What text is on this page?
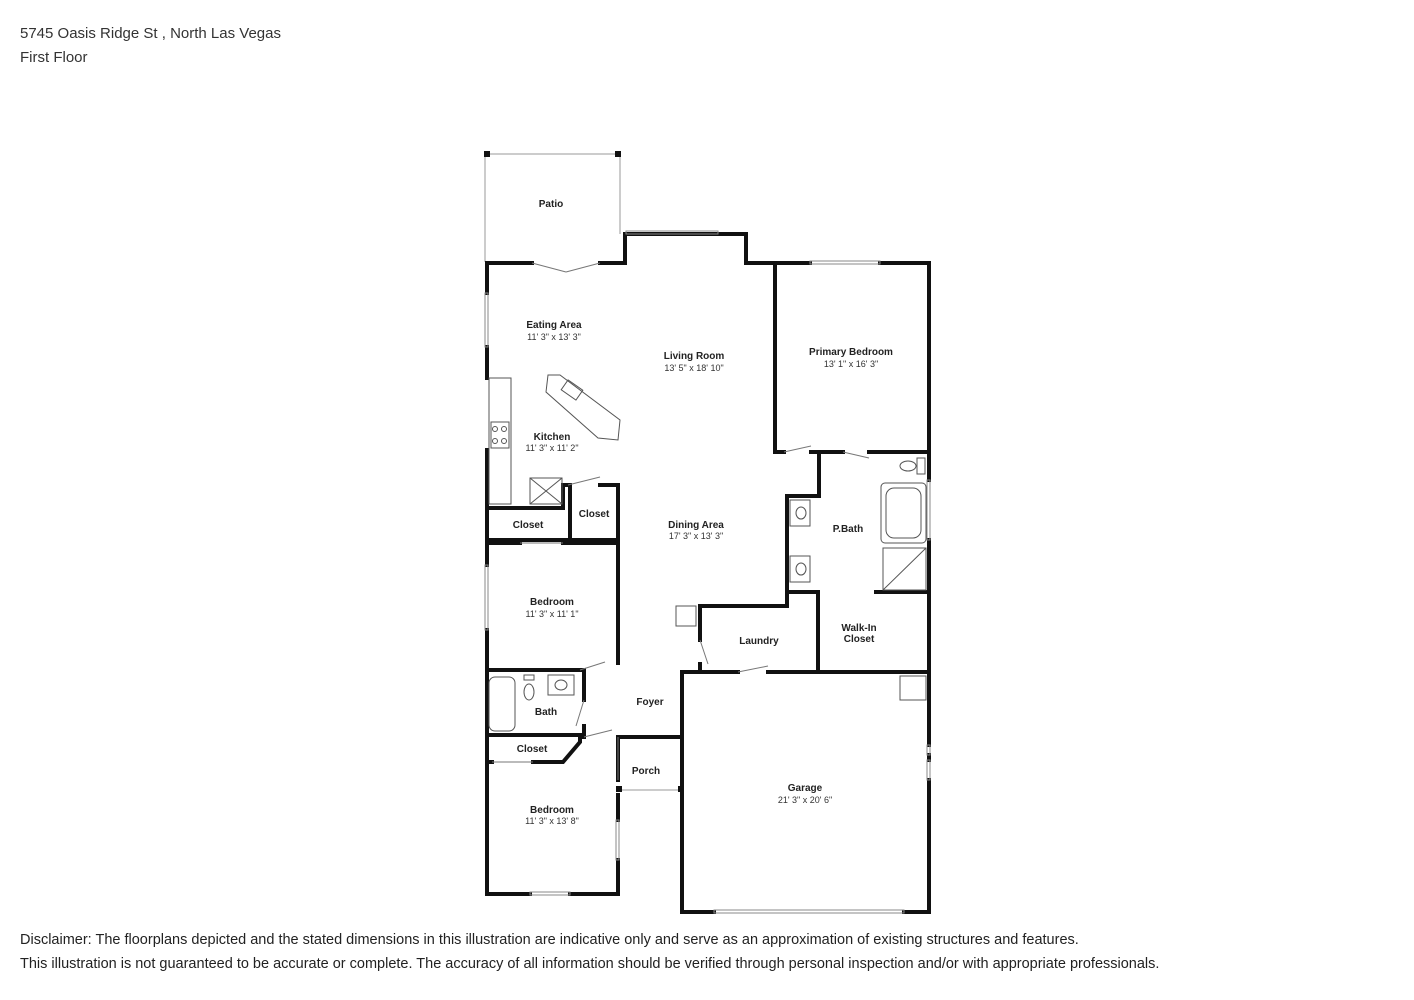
5745 Oasis Ridge St , North Las Vegas
First Floor
Patio
Eating Area
11' 3" x 13' 3"
Living Room
13' 5" x 18' 10"
Primary Bedroom
13' 1" x 16' 3"
Kitchen
11' 3" x 11' 2"
Closet
Closet	Dining Area
17' 3" x 13' 3"
P.Bath
Bedroom
11' 3" x 11' 1"
Laundry
Walk-In
Closet
Bath
Foyer
Closet
Porch
Garage
21' 3" x 20' 6"
Bedroom
11' 3" x 13' 8"
Disclaimer: The floorplans depicted and the stated dimensions in this illustration are indicative only and serve as an approximation of existing structures and features.
This illustration is not guaranteed to be accurate or complete. The accuracy of all information should be verified through personal inspection and/or with appropriate professionals.
